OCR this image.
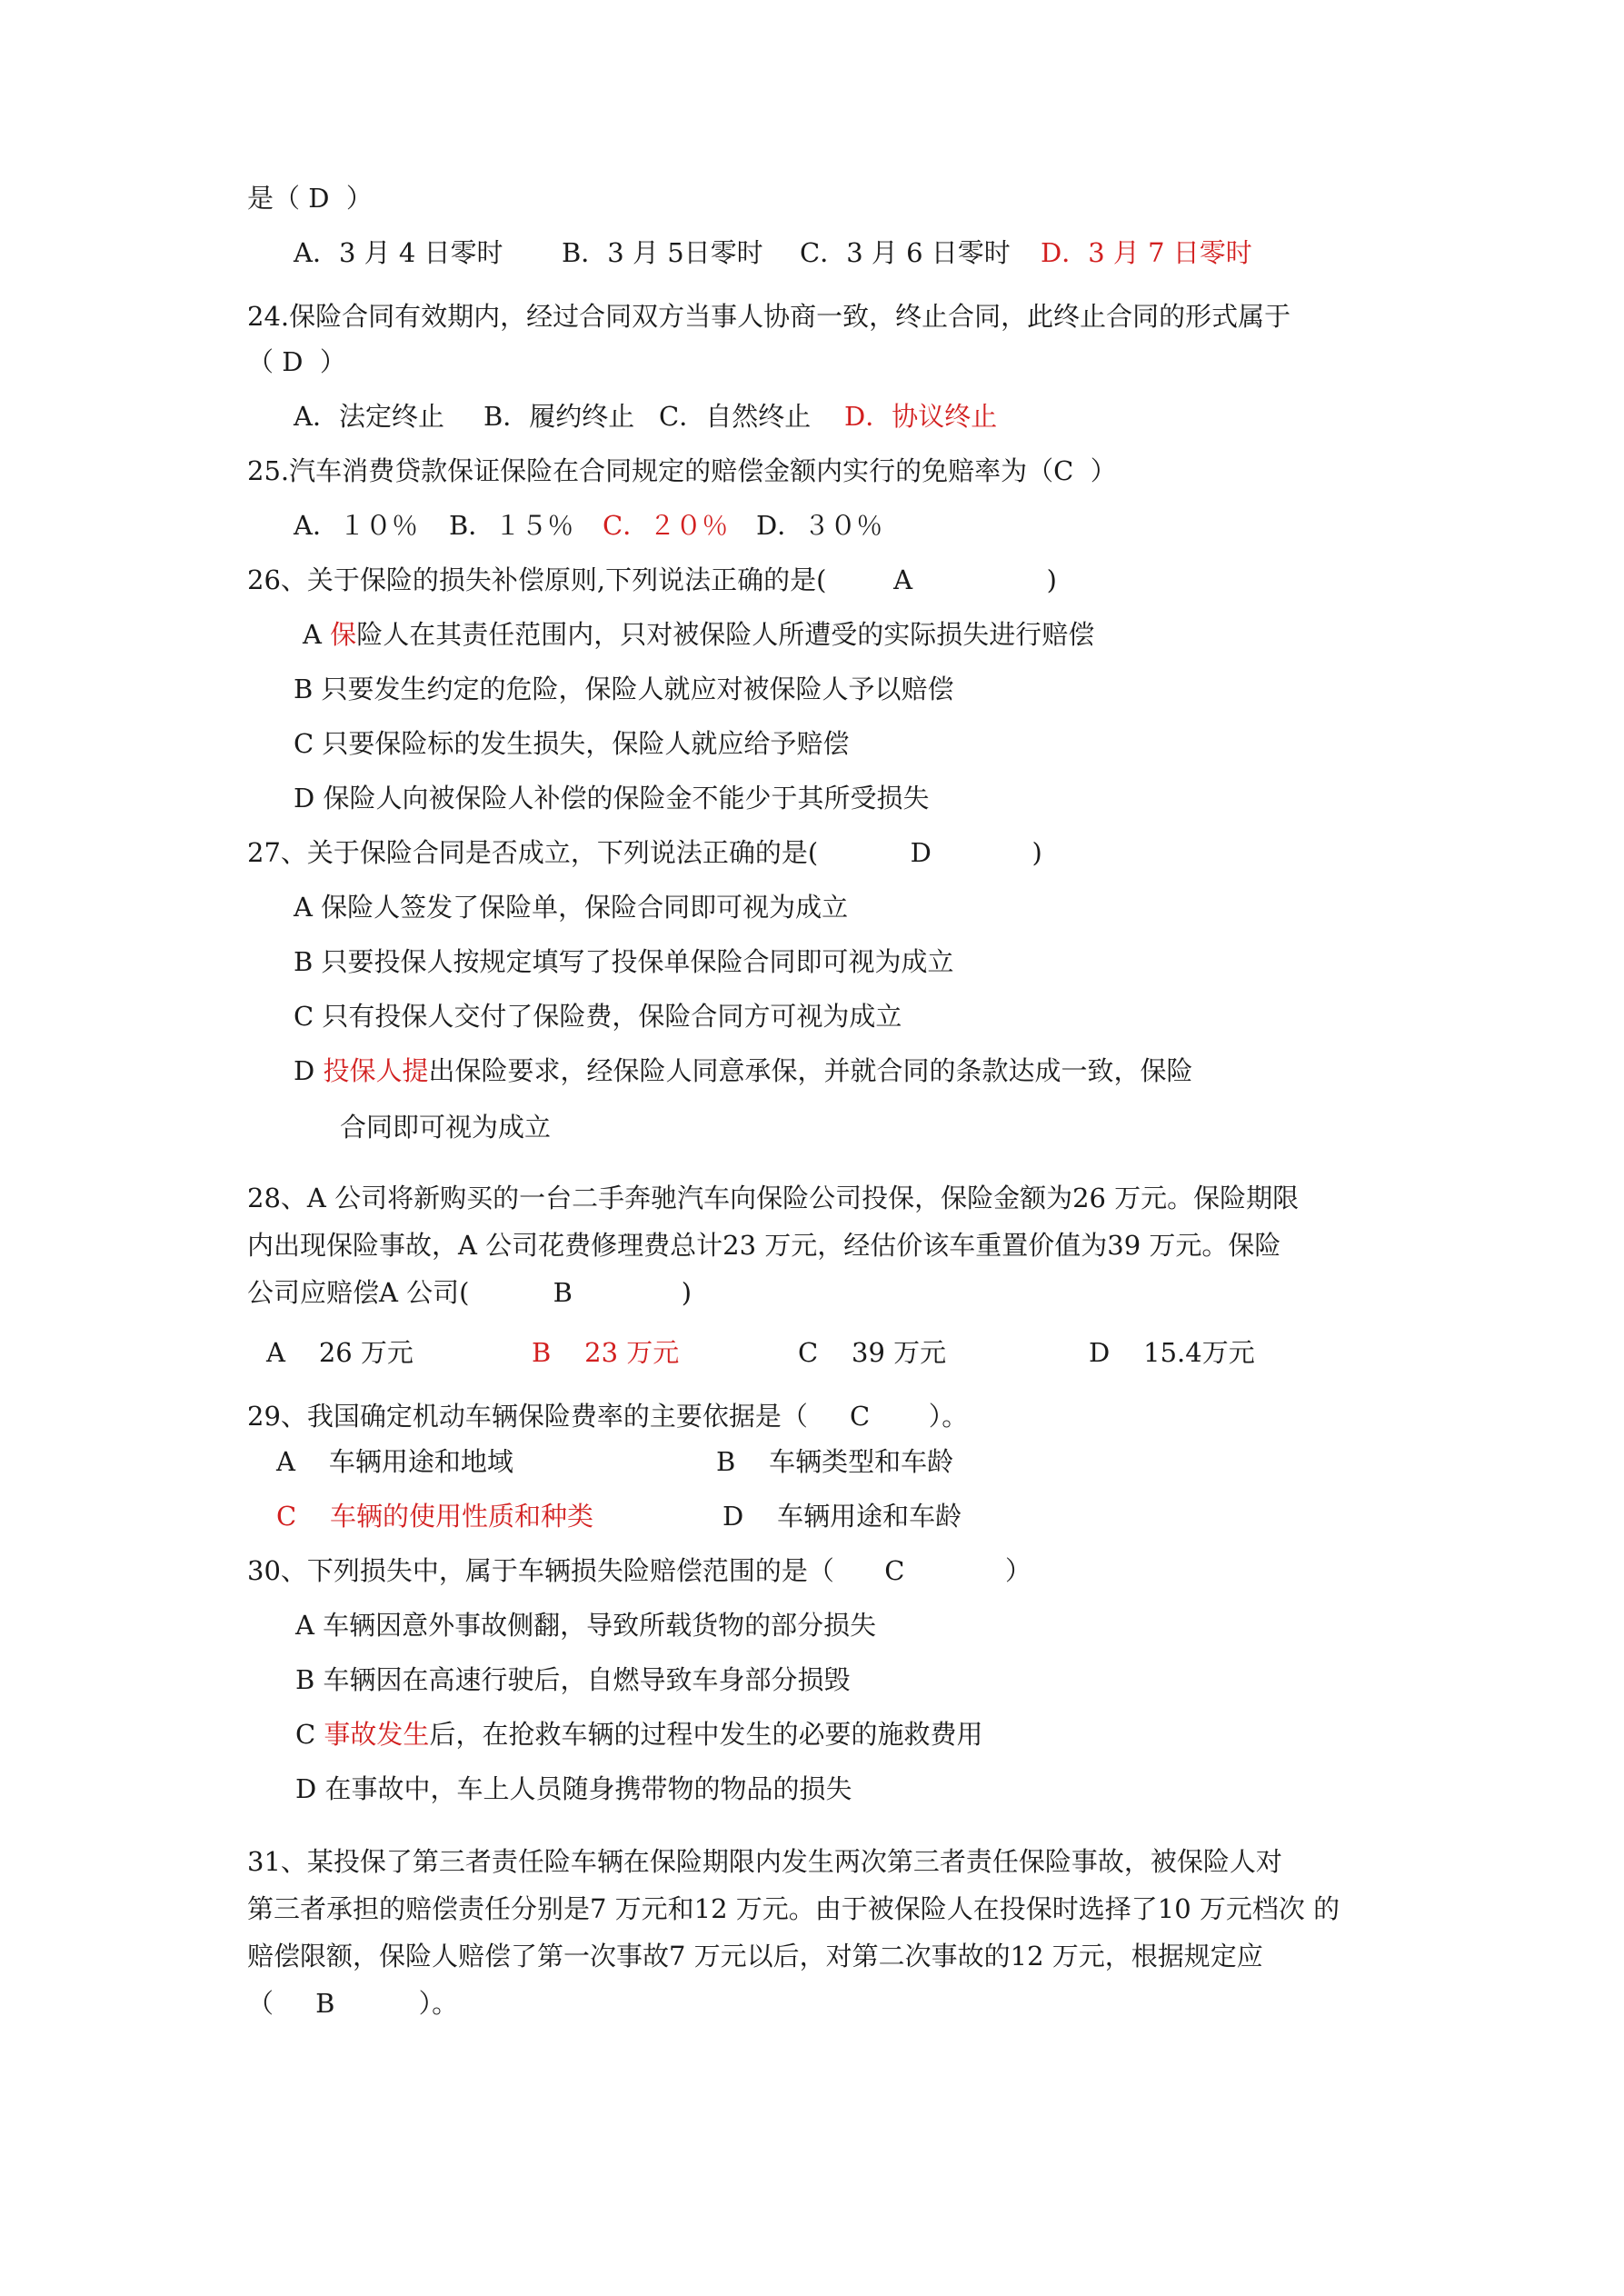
是（ D  ）
A．3 月 4 日零时 B．3 月 5日零时 C．3 月 6 日零时 D．3 月 7 日零时
24.保险合同有效期内，经过合同双方当事人协商一致，终止合同，此终止合同的形式属于
（ D  ）
A．法定终止 B．履约终止 C．自然终止 D．协议终止
25.汽车消费贷款保证保险在合同规定的赔偿金额内实行的免赔率为（C  ）
A．１０％ B．１５％ C．２０％ D．３０％
26、关于保险的损失补偿原则,下列说法正确的是(        A                )
A 保险人在其责任范围内，只对被保险人所遭受的实际损失进行赔偿
B 只要发生约定的危险，保险人就应对被保险人予以赔偿
C 只要保险标的发生损失，保险人就应给予赔偿
D 保险人向被保险人补偿的保险金不能少于其所受损失
27、关于保险合同是否成立，下列说法正确的是(           D            )
A 保险人签发了保险单，保险合同即可视为成立
B 只要投保人按规定填写了投保单保险合同即可视为成立
C 只有投保人交付了保险费，保险合同方可视为成立
D 投保人提出保险要求，经保险人同意承保，并就合同的条款达成一致，保险
合同即可视为成立
28、A 公司将新购买的一台二手奔驰汽车向保险公司投保，保险金额为26 万元。保险期限
内出现保险事故，A 公司花费修理费总计23 万元，经估价该车重置价值为39 万元。保险
公司应赔偿A 公司(          B             )
A    26 万元	B    23 万元	C    39 万元	D    15.4万元
29、我国确定机动车辆保险费率的主要依据是（     C       ）。
A    车辆用途和地域	B    车辆类型和车龄
C    车辆的使用性质和种类	D    车辆用途和车龄
30、下列损失中，属于车辆损失险赔偿范围的是（      C            ）
A 车辆因意外事故侧翻，导致所载货物的部分损失
B 车辆因在高速行驶后，自燃导致车身部分损毁
C 事故发生后，在抢救车辆的过程中发生的必要的施救费用
D 在事故中，车上人员随身携带物的物品的损失
31、某投保了第三者责任险车辆在保险期限内发生两次第三者责任保险事故，被保险人对
第三者承担的赔偿责任分别是7 万元和12 万元。由于被保险人在投保时选择了10 万元档次 的
赔偿限额，保险人赔偿了第一次事故7 万元以后，对第二次事故的12 万元，根据规定应
（     B          ）。
